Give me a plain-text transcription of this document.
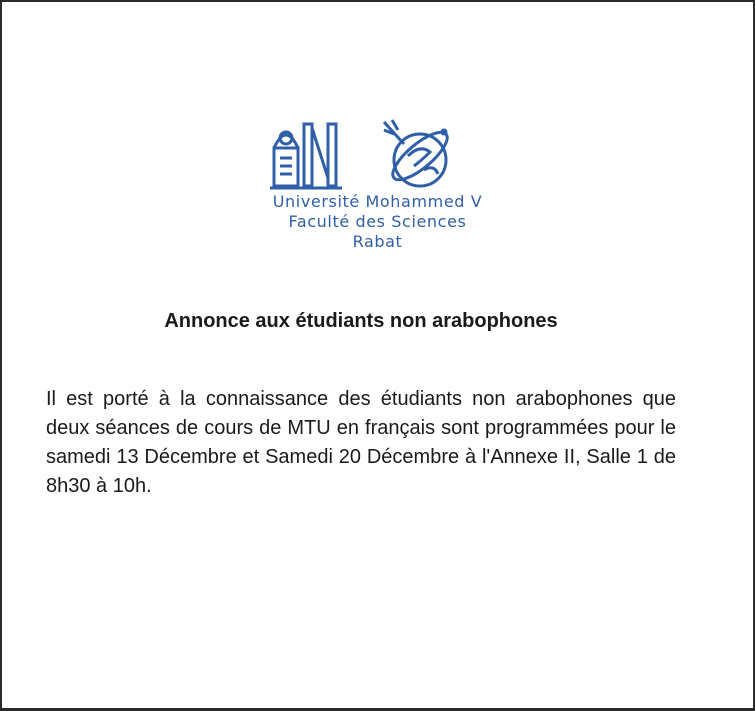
Université Mohammed V
Faculté des Sciences
Rabat
Annonce aux étudiants non arabophones
Il est porté à la connaissance des étudiants non arabophones que deux séances de cours de MTU en français sont programmées pour le samedi 13 Décembre et Samedi 20 Décembre à l'Annexe II, Salle 1 de 8h30 à 10h.
